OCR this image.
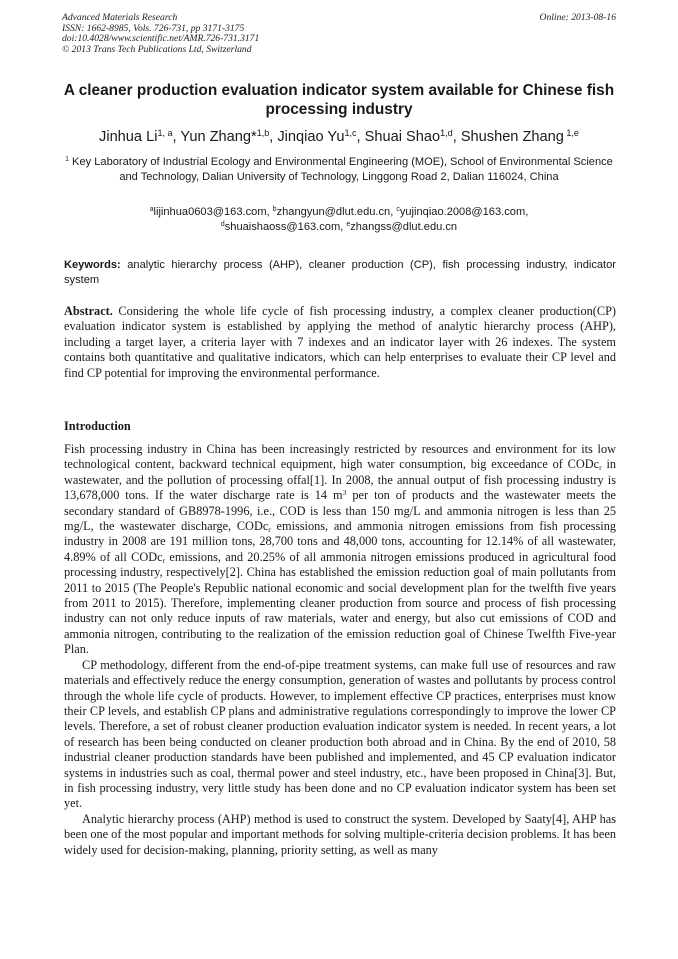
Advanced Materials Research
ISSN: 1662-8985, Vols. 726-731, pp 3171-3175
doi:10.4028/www.scientific.net/AMR.726-731.3171
© 2013 Trans Tech Publications Ltd, Switzerland
Online: 2013-08-16
A cleaner production evaluation indicator system available for Chinese fish processing industry
Jinhua Li$^{1, a}$, Yun Zhang*$^{1,b}$, Jinqiao Yu$^{1,c}$, Shuai Shao$^{1,d}$, Shushen Zhang $^{1,e}$
$^1$ Key Laboratory of Industrial Ecology and Environmental Engineering (MOE), School of Environmental Science and Technology, Dalian University of Technology, Linggong Road 2, Dalian 116024, China
$^a$lijinhua0603@163.com, $^b$zhangyun@dlut.edu.cn, $^c$yujinqiao.2008@163.com,
$^d$shuaishaoss@163.com, $^e$zhangss@dlut.edu.cn
Keywords: analytic hierarchy process (AHP), cleaner production (CP), fish processing industry, indicator system
Abstract. Considering the whole life cycle of fish processing industry, a complex cleaner production(CP) evaluation indicator system is established by applying the method of analytic hierarchy process (AHP), including a target layer, a criteria layer with 7 indexes and an indicator layer with 26 indexes. The system contains both quantitative and qualitative indicators, which can help enterprises to evaluate their CP level and find CP potential for improving the environmental performance.
Introduction

Fish processing industry in China has been increasingly restricted by resources and environment for its low technological content, backward technical equipment, high water consumption, big exceedance of CODc$_r$ in wastewater, and the pollution of processing offal[1]. In 2008, the annual output of fish processing industry is 13,678,000 tons. If the water discharge rate is 14 $m^3$ per ton of products and the wastewater meets the secondary standard of GB8978-1996, i.e., COD is less than 150 mg/L and ammonia nitrogen is less than 25 mg/L, the wastewater discharge, CODc$_r$ emissions, and ammonia nitrogen emissions from fish processing industry in 2008 are 191 million tons, 28,700 tons and 48,000 tons, accounting for 12.14% of all wastewater, 4.89% of all CODc$_r$ emissions, and 20.25% of all ammonia nitrogen emissions produced in agricultural food processing industry, respectively[2]. China has established the emission reduction goal of main pollutants from 2011 to 2015 (The People's Republic national economic and social development plan for the twelfth five years from 2011 to 2015). Therefore, implementing cleaner production from source and process of fish processing industry can not only reduce inputs of raw materials, water and energy, but also cut emissions of COD and ammonia nitrogen, contributing to the realization of the emission reduction goal of Chinese Twelfth Five-year Plan.

CP methodology, different from the end-of-pipe treatment systems, can make full use of resources and raw materials and effectively reduce the energy consumption, generation of wastes and pollutants by process control through the whole life cycle of products. However, to implement effective CP practices, enterprises must know their CP levels, and establish CP plans and administrative regulations correspondingly to improve the lower CP levels. Therefore, a set of robust cleaner production evaluation indicator system is needed. In recent years, a lot of research has been being conducted on cleaner production both abroad and in China. By the end of 2010, 58 industrial cleaner production standards have been published and implemented, and 45 CP evaluation indicator systems in industries such as coal, thermal power and steel industry, etc., have been proposed in China[3]. But, in fish processing industry, very little study has been done and no CP evaluation indicator system has been set yet.

Analytic hierarchy process (AHP) method is used to construct the system. Developed by Saaty[4], AHP has been one of the most popular and important methods for solving multiple-criteria decision problems. It has been widely used for decision-making, planning, priority setting, as well as many
